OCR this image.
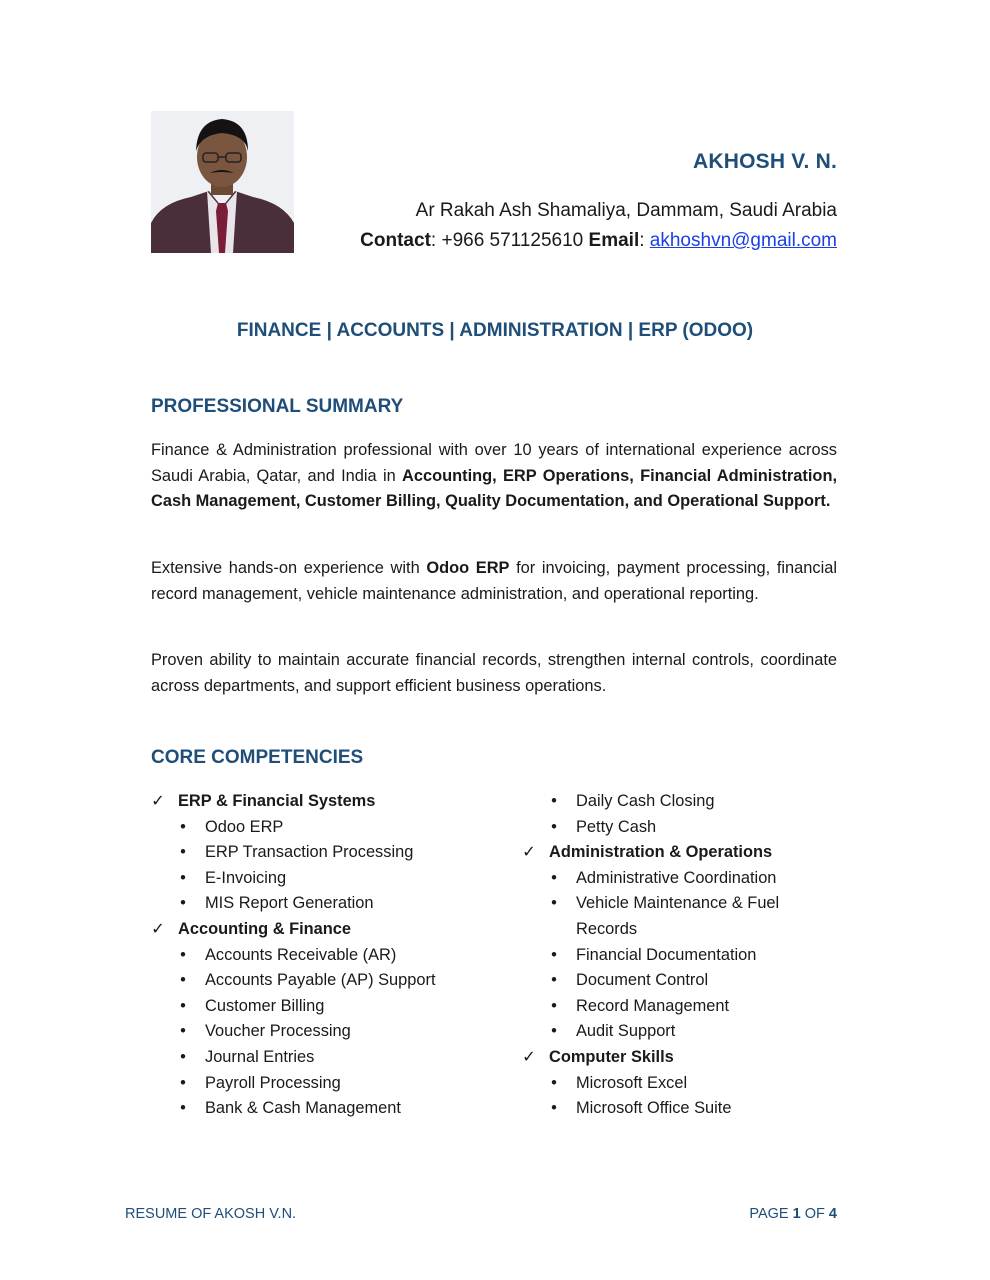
AKHOSH V. N.
Ar Rakah Ash Shamaliya, Dammam, Saudi Arabia
Contact: +966 571125610 Email: akhoshvn@gmail.com
FINANCE | ACCOUNTS | ADMINISTRATION | ERP (ODOO)
PROFESSIONAL SUMMARY
Finance & Administration professional with over 10 years of international experience across Saudi Arabia, Qatar, and India in Accounting, ERP Operations, Financial Administration, Cash Management, Customer Billing, Quality Documentation, and Operational Support.
Extensive hands-on experience with Odoo ERP for invoicing, payment processing, financial record management, vehicle maintenance administration, and operational reporting.
Proven ability to maintain accurate financial records, strengthen internal controls, coordinate across departments, and support efficient business operations.
CORE COMPETENCIES
✓ ERP & Financial Systems
• Odoo ERP
• ERP Transaction Processing
• E-Invoicing
• MIS Report Generation
✓ Accounting & Finance
• Accounts Receivable (AR)
• Accounts Payable (AP) Support
• Customer Billing
• Voucher Processing
• Journal Entries
• Payroll Processing
• Bank & Cash Management
• Daily Cash Closing
• Petty Cash
✓ Administration & Operations
• Administrative Coordination
• Vehicle Maintenance & Fuel
Records
• Financial Documentation
• Document Control
• Record Management
• Audit Support
✓ Computer Skills
• Microsoft Excel
• Microsoft Office Suite
RESUME OF AKOSH V.N.	PAGE 1 OF 4
